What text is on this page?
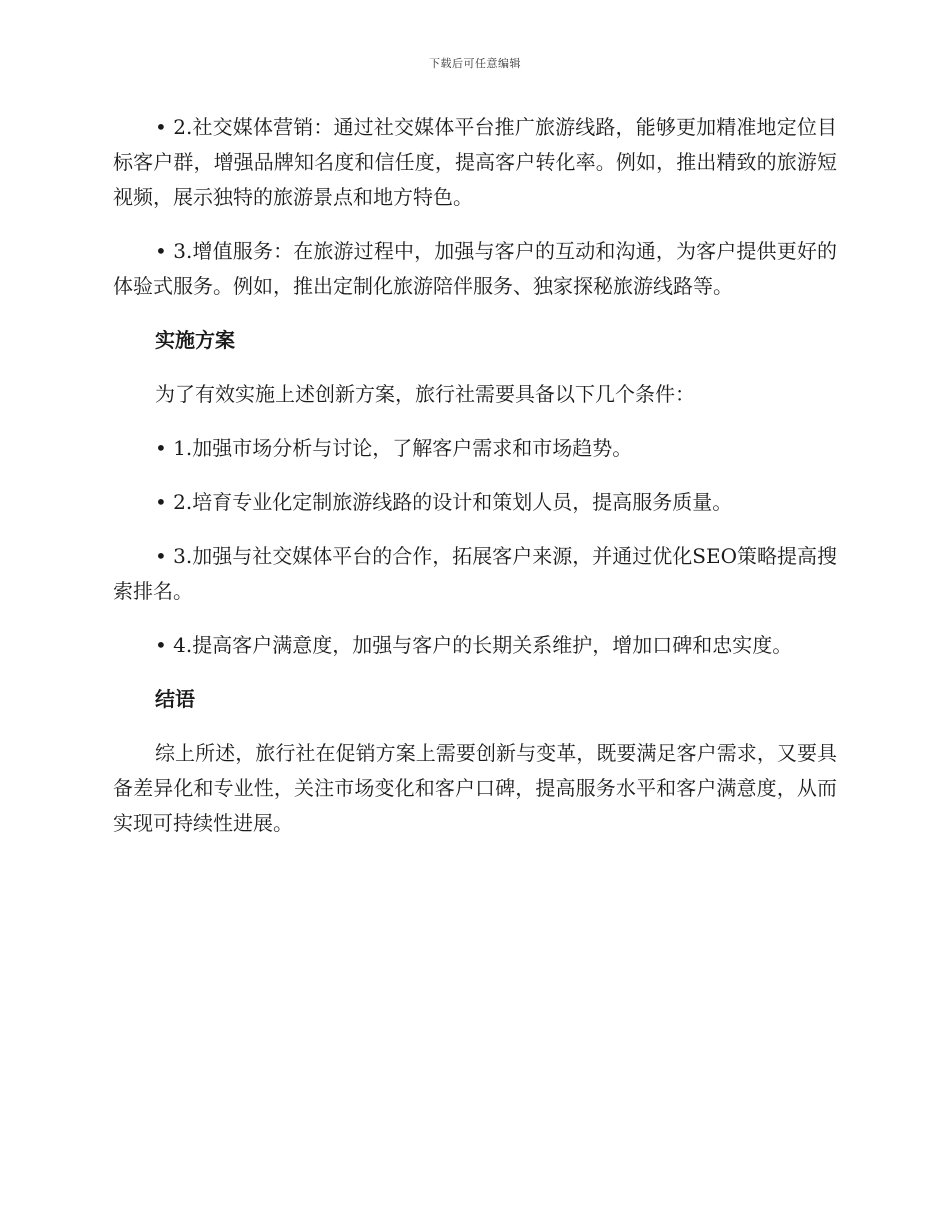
下载后可任意编辑

• 2.社交媒体营销：通过社交媒体平台推广旅游线路，能够更加精准地定位目标客户群，增强品牌知名度和信任度，提高客户转化率。例如，推出精致的旅游短视频，展示独特的旅游景点和地方特色。

• 3.增值服务：在旅游过程中，加强与客户的互动和沟通，为客户提供更好的体验式服务。例如，推出定制化旅游陪伴服务、独家探秘旅游线路等。

实施方案

为了有效实施上述创新方案，旅行社需要具备以下几个条件：

• 1.加强市场分析与讨论，了解客户需求和市场趋势。

• 2.培育专业化定制旅游线路的设计和策划人员，提高服务质量。

• 3.加强与社交媒体平台的合作，拓展客户来源，并通过优化SEO策略提高搜索排名。

• 4.提高客户满意度，加强与客户的长期关系维护，增加口碑和忠实度。

结语

综上所述，旅行社在促销方案上需要创新与变革，既要满足客户需求，又要具备差异化和专业性，关注市场变化和客户口碑，提高服务水平和客户满意度，从而实现可持续性进展。
